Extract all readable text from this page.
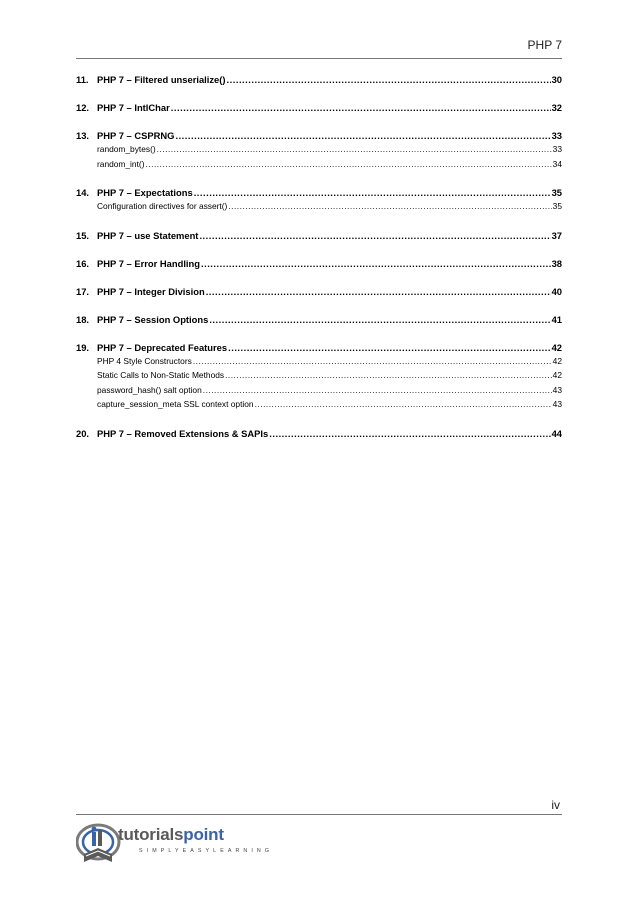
PHP 7
11. PHP 7 – Filtered unserialize() .....	30
12. PHP 7 – IntlChar .....	32
13. PHP 7 – CSPRNG .....	33
random_bytes() .....	33
random_int() .....	34
14. PHP 7 – Expectations .....	35
Configuration directives for assert() .....	35
15. PHP 7 – use Statement .....	37
16. PHP 7 – Error Handling .....	38
17. PHP 7 – Integer Division .....	40
18. PHP 7 – Session Options .....	41
19. PHP 7 – Deprecated Features .....	42
PHP 4 Style Constructors .....	42
Static Calls to Non-Static Methods .....	42
password_hash() salt option .....	43
capture_session_meta SSL context option .....	43
20. PHP 7 – Removed Extensions & SAPIs .....	44
iv
tutorialspoint
SIMPLYEASYLEARNING
